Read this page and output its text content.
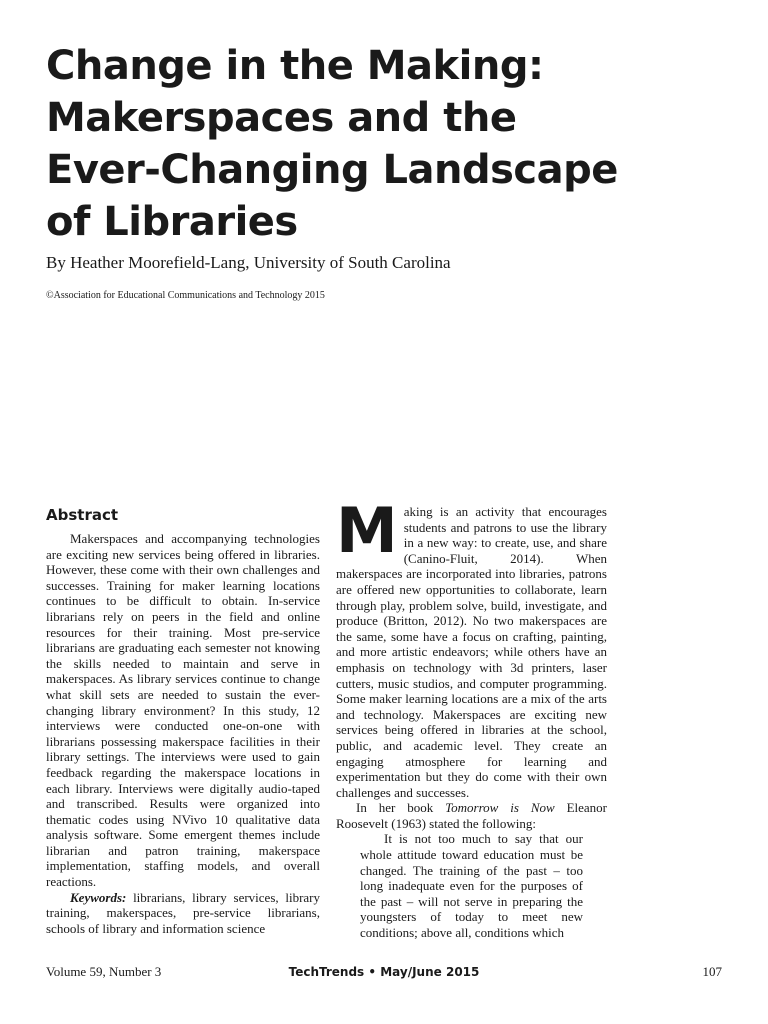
Change in the Making:
Makerspaces and the
Ever-Changing Landscape
of Libraries
By Heather Moorefield-Lang, University of South Carolina
©Association for Educational Communications and Technology 2015
Abstract

Makerspaces and accompanying technologies are exciting new services being offered in libraries. However, these come with their own challenges and successes. Training for maker learning locations continues to be difficult to obtain. In-service librarians rely on peers in the field and online resources for their training. Most pre-service librarians are graduating each semester not knowing the skills needed to maintain and serve in makerspaces. As library services continue to change what skill sets are needed to sustain the ever-changing library environment? In this study, 12 interviews were conducted one-on-one with librarians possessing makerspace facilities in their library settings. The interviews were used to gain feedback regarding the makerspace locations in each library. Interviews were digitally audio-taped and transcribed. Results were organized into thematic codes using NVivo 10 qualitative data analysis software. Some emergent themes include librarian and patron training, makerspace implementation, staffing models, and overall reactions.

Keywords: librarians, library services, library training, makerspaces, pre-service librarians, schools of library and information science

Making is an activity that encourages students and patrons to use the library in a new way: to create, use, and share (Canino-Fluit, 2014). When makerspaces are incorporated into libraries, patrons are offered new opportunities to collaborate, learn through play, problem solve, build, investigate, and produce (Britton, 2012). No two makerspaces are the same, some have a focus on crafting, painting, and more artistic endeavors; while others have an emphasis on technology with 3d printers, laser cutters, music studios, and computer programming. Some maker learning locations are a mix of the arts and technology. Makerspaces are exciting new services being offered in libraries at the school, public, and academic level. They create an engaging atmosphere for learning and experimentation but they do come with their own challenges and successes.

In her book Tomorrow is Now Eleanor Roosevelt (1963) stated the following:

It is not too much to say that our whole attitude toward education must be changed. The training of the past – too long inadequate even for the purposes of the past – will not serve in preparing the youngsters of today to meet new conditions; above all, conditions which

Volume 59, Number 3	TechTrends • May/June 2015	107
